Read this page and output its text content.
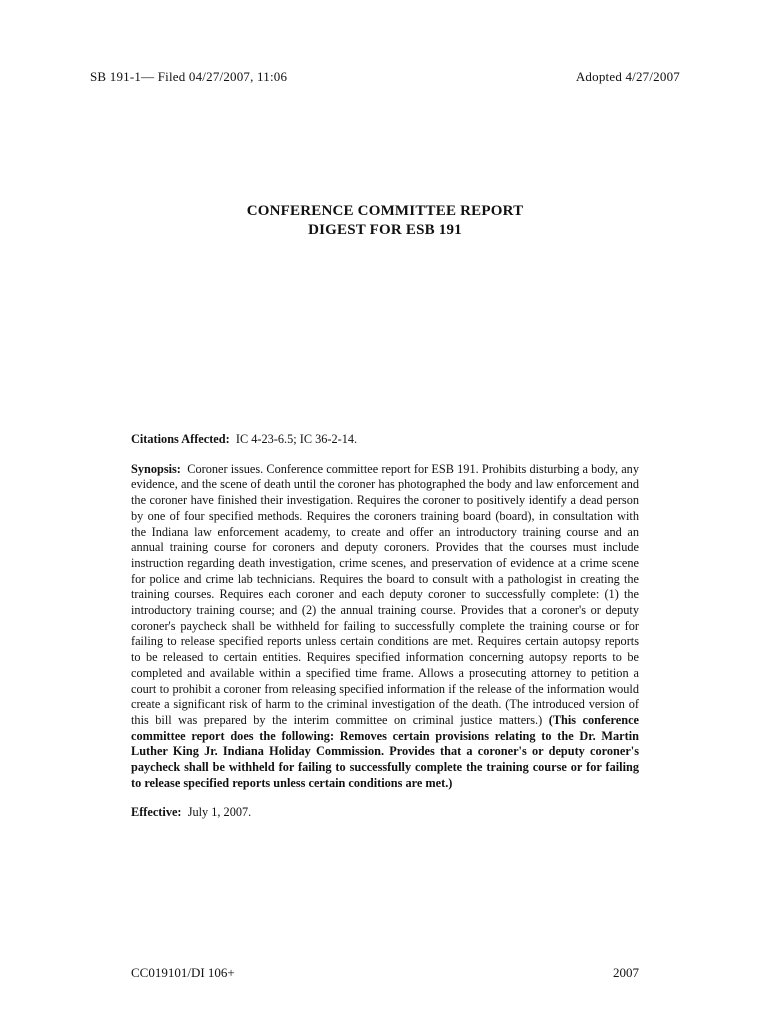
SB 191-1— Filed 04/27/2007, 11:06	Adopted 4/27/2007
CONFERENCE COMMITTEE REPORT
DIGEST FOR ESB 191

Citations Affected: IC 4-23-6.5; IC 36-2-14.

Synopsis: Coroner issues. Conference committee report for ESB 191. Prohibits disturbing a body, any evidence, and the scene of death until the coroner has photographed the body and law enforcement and the coroner have finished their investigation. Requires the coroner to positively identify a dead person by one of four specified methods. Requires the coroners training board (board), in consultation with the Indiana law enforcement academy, to create and offer an introductory training course and an annual training course for coroners and deputy coroners. Provides that the courses must include instruction regarding death investigation, crime scenes, and preservation of evidence at a crime scene for police and crime lab technicians. Requires the board to consult with a pathologist in creating the training courses. Requires each coroner and each deputy coroner to successfully complete: (1) the introductory training course; and (2) the annual training course. Provides that a coroner's or deputy coroner's paycheck shall be withheld for failing to successfully complete the training course or for failing to release specified reports unless certain conditions are met. Requires certain autopsy reports to be released to certain entities. Requires specified information concerning autopsy reports to be completed and available within a specified time frame. Allows a prosecuting attorney to petition a court to prohibit a coroner from releasing specified information if the release of the information would create a significant risk of harm to the criminal investigation of the death. (The introduced version of this bill was prepared by the interim committee on criminal justice matters.) (This conference committee report does the following: Removes certain provisions relating to the Dr. Martin Luther King Jr. Indiana Holiday Commission. Provides that a coroner's or deputy coroner's paycheck shall be withheld for failing to successfully complete the training course or for failing to release specified reports unless certain conditions are met.)

Effective: July 1, 2007.

CC019101/DI 106+	2007
